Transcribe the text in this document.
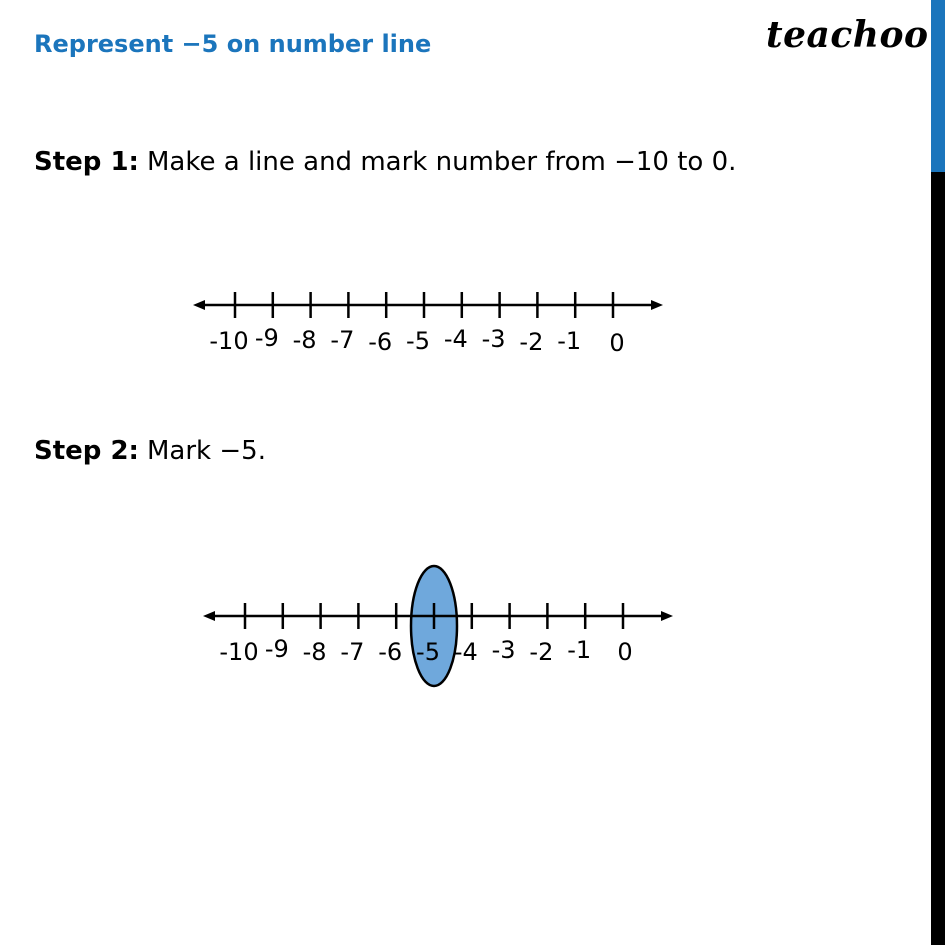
Represent −5 on number line	teachoo
Step 1: Make a line and mark number from −10 to 0.
-10 -9 -8 -7 -6 -5 -4 -3 -2 -1 0
-10 -9 -8 -7 -6 -5 -4 -3 -2 -1 0
Step 2: Mark −5.
